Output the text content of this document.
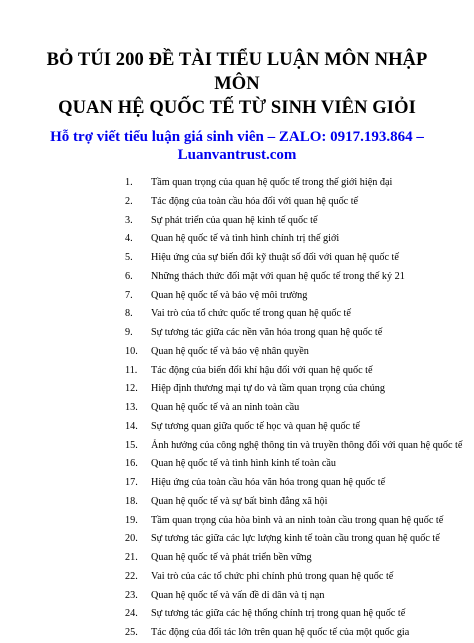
BỎ TÚI 200 ĐỀ TÀI TIỂU LUẬN MÔN NHẬP MÔN
QUAN HỆ QUỐC TẾ TỪ SINH VIÊN GIỎI
Hỗ trợ viết tiểu luận giá sinh viên – ZALO: 0917.193.864 –
Luanvantrust.com
1.	Tầm quan trọng của quan hệ quốc tế trong thế giới hiện đại
2.	Tác động của toàn cầu hóa đối với quan hệ quốc tế
3.	Sự phát triển của quan hệ kinh tế quốc tế
4.	Quan hệ quốc tế và tình hình chính trị thế giới
5.	Hiệu ứng của sự biến đổi kỹ thuật số đối với quan hệ quốc tế
6.	Những thách thức đối mặt với quan hệ quốc tế trong thế kỷ 21
7.	Quan hệ quốc tế và bảo vệ môi trường
8.	Vai trò của tổ chức quốc tế trong quan hệ quốc tế
9.	Sự tương tác giữa các nền văn hóa trong quan hệ quốc tế
10.	Quan hệ quốc tế và bảo vệ nhân quyền
11.	Tác động của biến đổi khí hậu đối với quan hệ quốc tế
12.	Hiệp định thương mại tự do và tầm quan trọng của chúng
13.	Quan hệ quốc tế và an ninh toàn cầu
14.	Sự tương quan giữa quốc tế học và quan hệ quốc tế
15.	Ảnh hưởng của công nghệ thông tin và truyền thông đối với quan hệ quốc tế
16.	Quan hệ quốc tế và tình hình kinh tế toàn cầu
17.	Hiệu ứng của toàn cầu hóa văn hóa trong quan hệ quốc tế
18.	Quan hệ quốc tế và sự bất bình đẳng xã hội
19.	Tầm quan trọng của hòa bình và an ninh toàn cầu trong quan hệ quốc tế
20.	Sự tương tác giữa các lực lượng kinh tế toàn cầu trong quan hệ quốc tế
21.	Quan hệ quốc tế và phát triển bền vững
22.	Vai trò của các tổ chức phi chính phủ trong quan hệ quốc tế
23.	Quan hệ quốc tế và vấn đề di dân và tị nạn
24.	Sự tương tác giữa các hệ thống chính trị trong quan hệ quốc tế
25.	Tác động của đối tác lớn trên quan hệ quốc tế của một quốc gia
